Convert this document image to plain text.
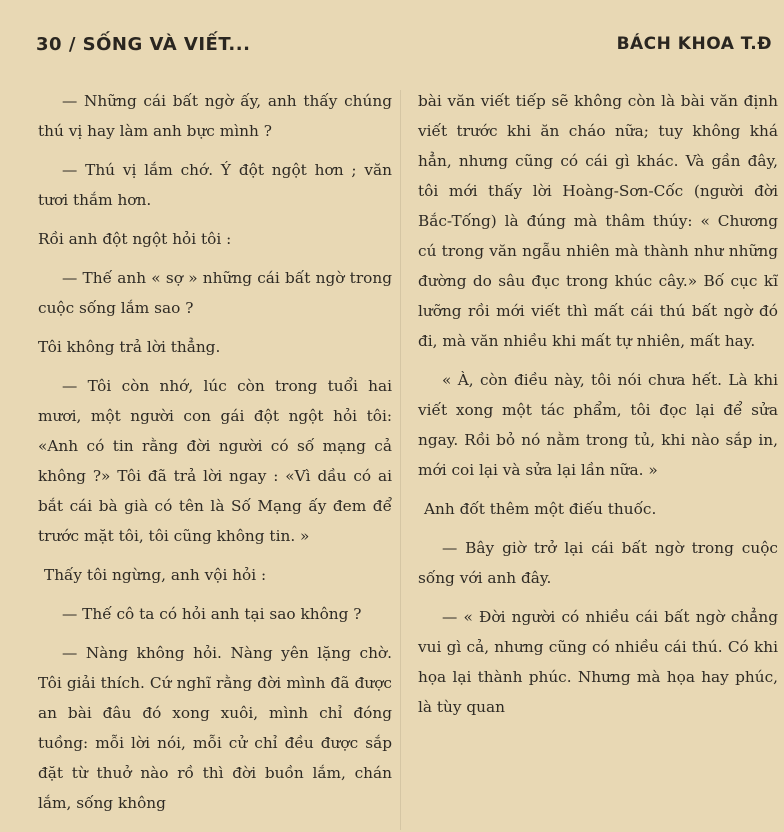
30 / SỐNG VÀ VIẾT...	BÁCH KHOA T.Đ

— Những cái bất ngờ ấy, anh thấy chúng thú vị hay làm anh bực mình ?

— Thú vị lắm chớ. Ý đột ngột hơn ; văn tươi thắm hơn.

Rồi anh đột ngột hỏi tôi :

— Thế anh « sợ » những cái bất ngờ trong cuộc sống lắm sao ?

Tôi không trả lời thẳng.

— Tôi còn nhớ, lúc còn trong tuổi hai mươi, một người con gái đột ngột hỏi tôi: «Anh có tin rằng đời người có số mạng cả không ?» Tôi đã trả lời ngay : «Vì dầu có ai bắt cái bà già có tên là Số Mạng ấy đem để trước mặt tôi, tôi cũng không tin. »

Thấy tôi ngừng, anh vội hỏi :

— Thế cô ta có hỏi anh tại sao không ?

— Nàng không hỏi. Nàng yên lặng chờ. Tôi giải thích. Cứ nghĩ rằng đời mình đã được an bài đâu đó xong xuôi, mình chỉ đóng tuồng: mỗi lời nói, mỗi cử chỉ đều được sắp đặt từ thuở nào rồ thì đời buồn lắm, chán lắm, sống không

bài văn viết tiếp sẽ không còn là bài văn định viết trước khi ăn cháo nữa; tuy không khá hẳn, nhưng cũng có cái gì khác. Và gần đây, tôi mới thấy lời Hoàng-Sơn-Cốc (người đời Bắc-Tống) là đúng mà thâm thúy: « Chương cú trong văn ngẫu nhiên mà thành như những đường do sâu đục trong khúc cây.» Bố cục kĩ lưỡng rồi mới viết thì mất cái thú bất ngờ đó đi, mà văn nhiều khi mất tự nhiên, mất hay.

« À, còn điều này, tôi nói chưa hết. Là khi viết xong một tác phẩm, tôi đọc lại để sửa ngay. Rồi bỏ nó nằm trong tủ, khi nào sắp in, mới coi lại và sửa lại lần nữa. »

Anh đốt thêm một điếu thuốc.

— Bây giờ trở lại cái bất ngờ trong cuộc sống với anh đây.

— « Đời người có nhiều cái bất ngờ chẳng vui gì cả, nhưng cũng có nhiều cái thú. Có khi họa lại thành phúc. Nhưng mà họa hay phúc, là tùy quan
